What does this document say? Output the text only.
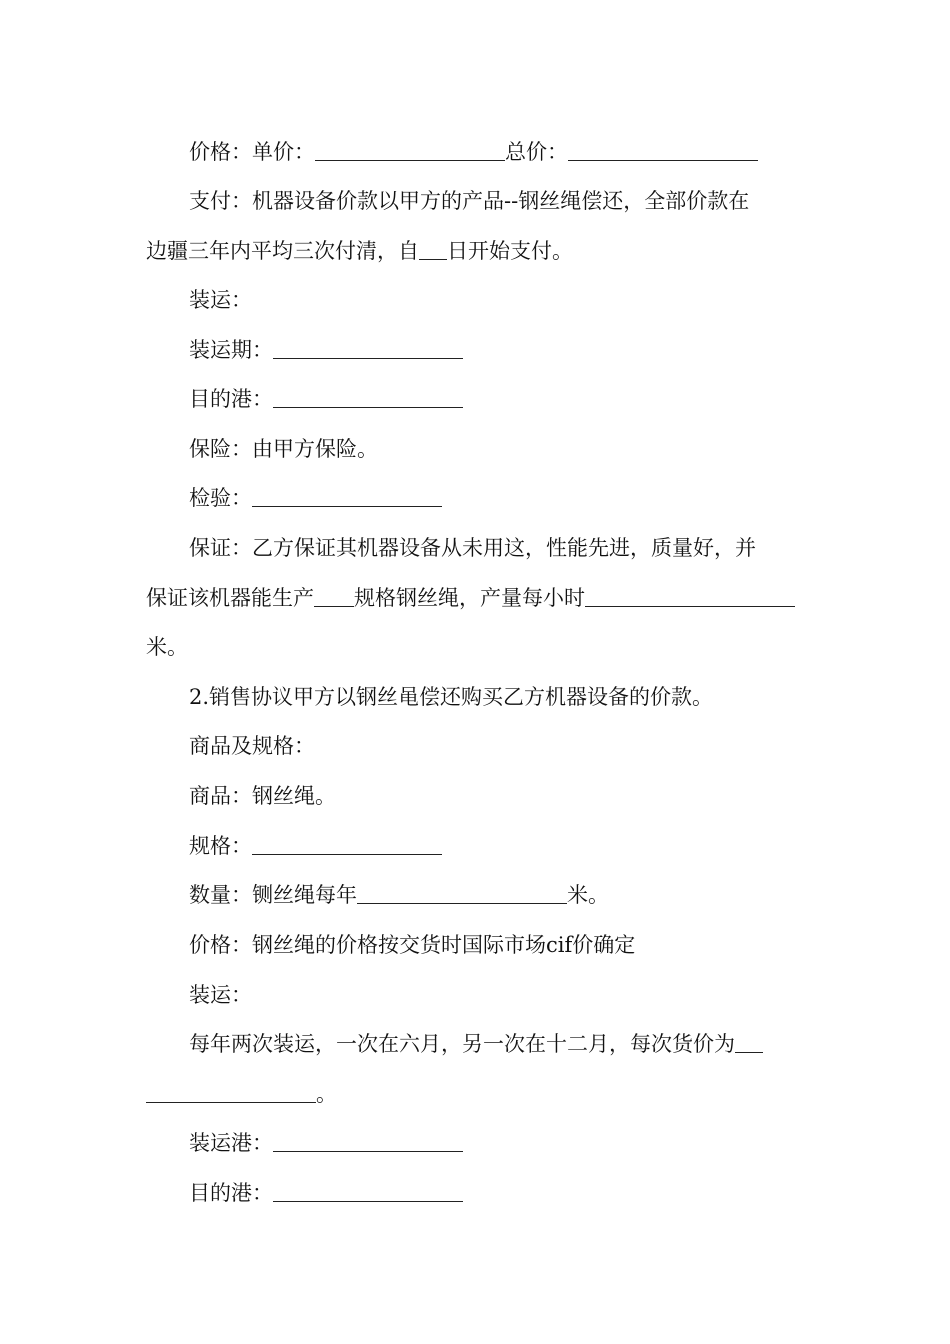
价格：单价：	总价：

支付：机器设备价款以甲方的产品--钢丝绳偿还，全部价款在
边疆三年内平均三次付清，自 日开始支付。

装运：

装运期：

目的港：

保险：由甲方保险。

检验：

保证：乙方保证其机器设备从未用这，性能先进，质量好，并
保证该机器能生产 规格钢丝绳，产量每小时
米。

2.销售协议甲方以钢丝黾偿还购买乙方机器设备的价款。

商品及规格：

商品：钢丝绳。

规格：

数量：铡丝绳每年	米。

价格：钢丝绳的价格按交货时国际市场cif价确定

装运：

每年两次装运，一次在六月，另一次在十二月，每次货价为
。

装运港：

目的港：
